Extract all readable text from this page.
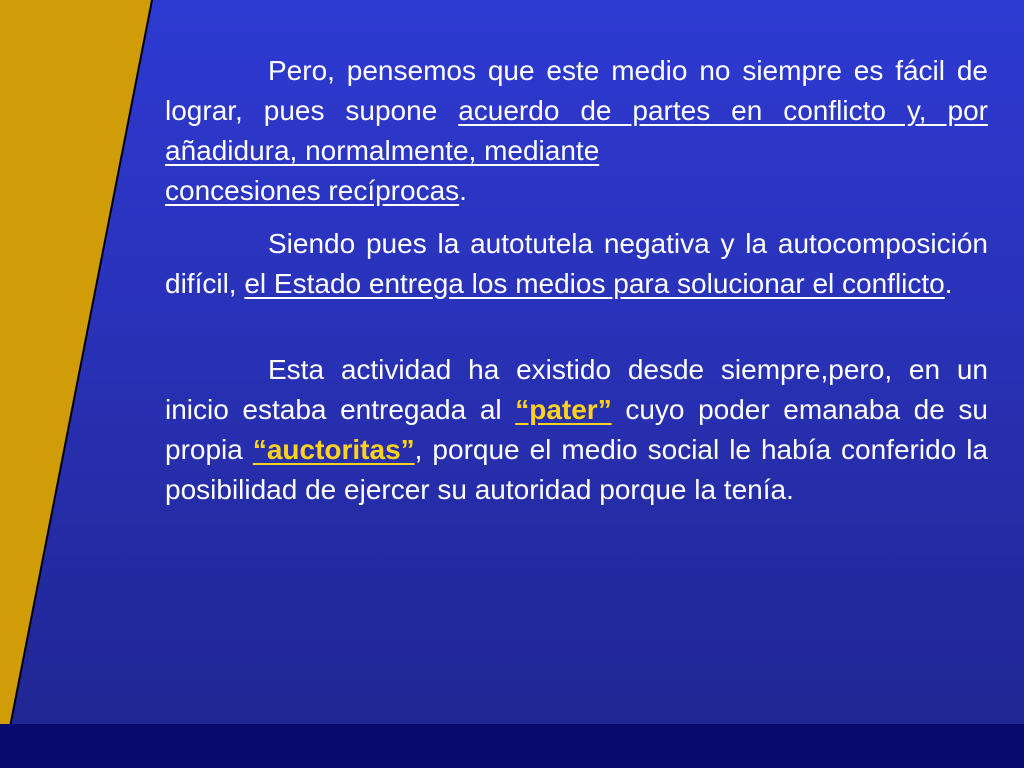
Pero, pensemos que este medio no siempre es fácil de lograr, pues supone acuerdo de partes en conflicto y, por añadidura, normalmente, mediante
concesiones recíprocas.

Siendo pues la autotutela negativa y la autocomposición difícil, el Estado entrega los medios para solucionar el conflicto.

Esta actividad ha existido desde siempre,pero, en un inicio estaba entregada al “pater” cuyo poder emanaba de su propia “auctoritas”, porque el medio social le había conferido la posibilidad de ejercer su autoridad porque la tenía.
